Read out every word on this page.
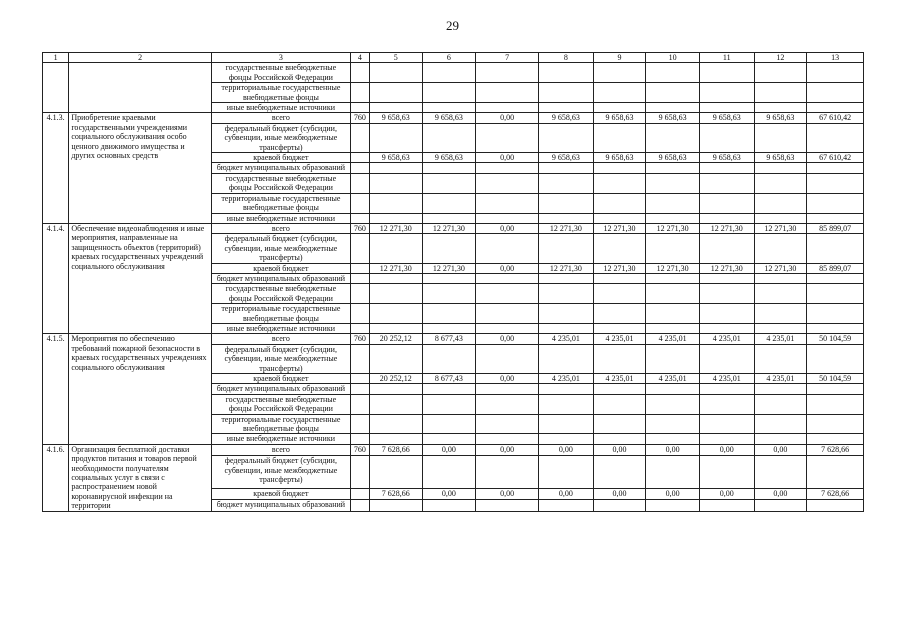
29
1	2	3	4	5	6	7	8	9	10	11	12	13
		государственные внебюджетные фонды Российской Федерации										
		территориальные государственные внебюджетные фонды										
		иные внебюджетные источники										
4.1.3.	Приобретение краевыми государственными учреждениями социального обслуживания особо ценного движимого имущества и других основных средств	всего	760	9 658,63	9 658,63	0,00	9 658,63	9 658,63	9 658,63	9 658,63	9 658,63	67 610,42
		федеральный бюджет (субсидии, субвенции, иные межбюджетные трансферты)										
		краевой бюджет		9 658,63	9 658,63	0,00	9 658,63	9 658,63	9 658,63	9 658,63	9 658,63	67 610,42
		бюджет муниципальных образований										
		государственные внебюджетные фонды Российской Федерации										
		территориальные государственные внебюджетные фонды										
		иные внебюджетные источники										
4.1.4.	Обеспечение видеонаблюдения и иные мероприятия, направленные на защищенность объектов (территорий) краевых государственных учреждений социального обслуживания	всего	760	12 271,30	12 271,30	0,00	12 271,30	12 271,30	12 271,30	12 271,30	12 271,30	85 899,07
		федеральный бюджет (субсидии, субвенции, иные межбюджетные трансферты)										
		краевой бюджет		12 271,30	12 271,30	0,00	12 271,30	12 271,30	12 271,30	12 271,30	12 271,30	85 899,07
		бюджет муниципальных образований										
		государственные внебюджетные фонды Российской Федерации										
		территориальные государственные внебюджетные фонды										
		иные внебюджетные источники										
4.1.5.	Мероприятия по обеспечению требований пожарной безопасности в краевых государственных учреждениях социального обслуживания	всего	760	20 252,12	8 677,43	0,00	4 235,01	4 235,01	4 235,01	4 235,01	4 235,01	50 104,59
		федеральный бюджет (субсидии, субвенции, иные межбюджетные трансферты)										
		краевой бюджет		20 252,12	8 677,43	0,00	4 235,01	4 235,01	4 235,01	4 235,01	4 235,01	50 104,59
		бюджет муниципальных образований										
		государственные внебюджетные фонды Российской Федерации										
		территориальные государственные внебюджетные фонды										
		иные внебюджетные источники										
4.1.6.	Организация бесплатной доставки продуктов питания и товаров первой необходимости получателям социальных услуг в связи с распространением новой коронавирусной инфекции на территории	всего	760	7 628,66	0,00	0,00	0,00	0,00	0,00	0,00	0,00	7 628,66
		федеральный бюджет (субсидии, субвенции, иные межбюджетные трансферты)										
		краевой бюджет		7 628,66	0,00	0,00	0,00	0,00	0,00	0,00	0,00	7 628,66
		бюджет муниципальных образований										
